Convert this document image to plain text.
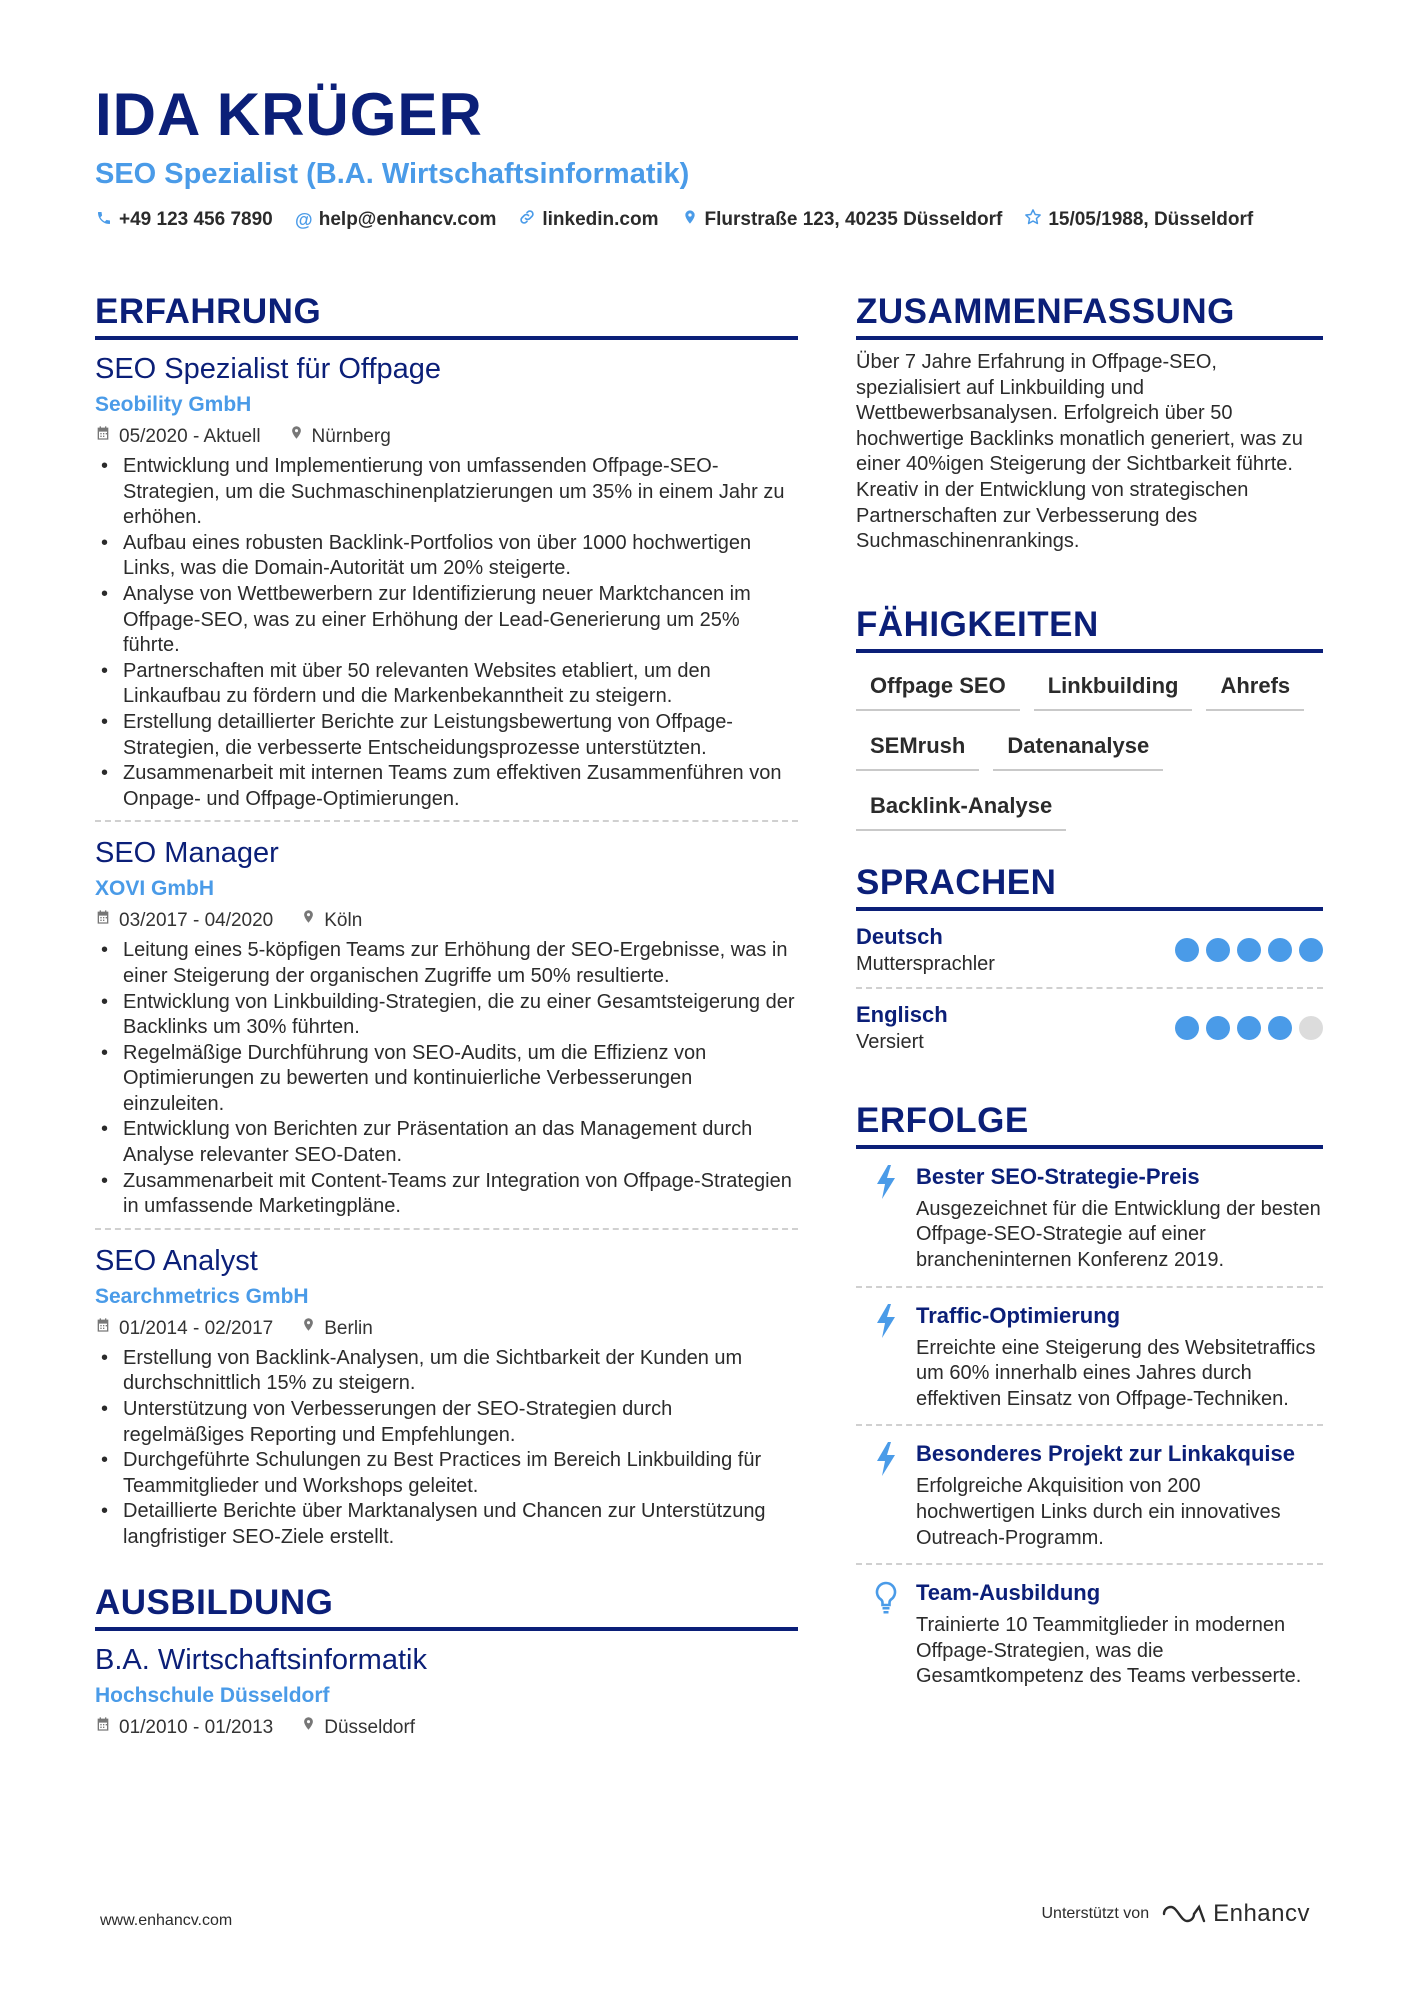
IDA KRÜGER
SEO Spezialist (B.A. Wirtschaftsinformatik)
+49 123 456 7890 @ help@enhancv.com linkedin.com Flurstraße 123, 40235 Düsseldorf 15/05/1988, Düsseldorf
ERFAHRUNG
SEO Spezialist für Offpage
Seobility GmbH
05/2020 - Aktuell	Nürnberg
• Entwicklung und Implementierung von umfassenden Offpage-SEO-Strategien, um die Suchmaschinenplatzierungen um 35% in einem Jahr zu erhöhen.
• Aufbau eines robusten Backlink-Portfolios von über 1000 hochwertigen Links, was die Domain-Autorität um 20% steigerte.
• Analyse von Wettbewerbern zur Identifizierung neuer Marktchancen im Offpage-SEO, was zu einer Erhöhung der Lead-Generierung um 25% führte.
• Partnerschaften mit über 50 relevanten Websites etabliert, um den Linkaufbau zu fördern und die Markenbekanntheit zu steigern.
• Erstellung detaillierter Berichte zur Leistungsbewertung von Offpage-Strategien, die verbesserte Entscheidungsprozesse unterstützten.
• Zusammenarbeit mit internen Teams zum effektiven Zusammenführen von Onpage- und Offpage-Optimierungen.
SEO Manager
XOVI GmbH
03/2017 - 04/2020	Köln
• Leitung eines 5-köpfigen Teams zur Erhöhung der SEO-Ergebnisse, was in einer Steigerung der organischen Zugriffe um 50% resultierte.
• Entwicklung von Linkbuilding-Strategien, die zu einer Gesamtsteigerung der Backlinks um 30% führten.
• Regelmäßige Durchführung von SEO-Audits, um die Effizienz von Optimierungen zu bewerten und kontinuierliche Verbesserungen einzuleiten.
• Entwicklung von Berichten zur Präsentation an das Management durch Analyse relevanter SEO-Daten.
• Zusammenarbeit mit Content-Teams zur Integration von Offpage-Strategien in umfassende Marketingpläne.
SEO Analyst
Searchmetrics GmbH
01/2014 - 02/2017	Berlin
• Erstellung von Backlink-Analysen, um die Sichtbarkeit der Kunden um durchschnittlich 15% zu steigern.
• Unterstützung von Verbesserungen der SEO-Strategien durch regelmäßiges Reporting und Empfehlungen.
• Durchgeführte Schulungen zu Best Practices im Bereich Linkbuilding für Teammitglieder und Workshops geleitet.
• Detaillierte Berichte über Marktanalysen und Chancen zur Unterstützung langfristiger SEO-Ziele erstellt.
AUSBILDUNG
B.A. Wirtschaftsinformatik
Hochschule Düsseldorf
01/2010 - 01/2013	Düsseldorf
ZUSAMMENFASSUNG
Über 7 Jahre Erfahrung in Offpage-SEO, spezialisiert auf Linkbuilding und Wettbewerbsanalysen. Erfolgreich über 50 hochwertige Backlinks monatlich generiert, was zu einer 40%igen Steigerung der Sichtbarkeit führte. Kreativ in der Entwicklung von strategischen Partnerschaften zur Verbesserung des Suchmaschinenrankings.
FÄHIGKEITEN
Offpage SEO	Linkbuilding	Ahrefs
SEMrush	Datenanalyse
Backlink-Analyse
SPRACHEN
Deutsch
Muttersprachler
Englisch
Versiert
ERFOLGE
Bester SEO-Strategie-Preis
Ausgezeichnet für die Entwicklung der besten Offpage-SEO-Strategie auf einer brancheninternen Konferenz 2019.
Traffic-Optimierung
Erreichte eine Steigerung des Websitetraffics um 60% innerhalb eines Jahres durch effektiven Einsatz von Offpage-Techniken.
Besonderes Projekt zur Linkakquise
Erfolgreiche Akquisition von 200 hochwertigen Links durch ein innovatives Outreach-Programm.
Team-Ausbildung
Trainierte 10 Teammitglieder in modernen Offpage-Strategien, was die Gesamtkompetenz des Teams verbesserte.
www.enhancv.com	Unterstützt von	Enhancv
